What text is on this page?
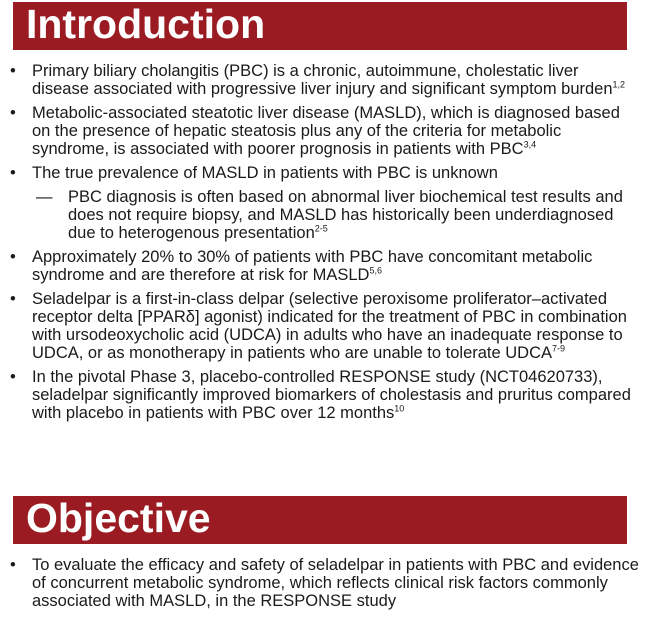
Introduction
• Primary biliary cholangitis (PBC) is a chronic, autoimmune, cholestatic liver disease associated with progressive liver injury and significant symptom burden$^{1,2}$
• Metabolic-associated steatotic liver disease (MASLD), which is diagnosed based on the presence of hepatic steatosis plus any of the criteria for metabolic syndrome, is associated with poorer prognosis in patients with PBC$^{3,4}$
• The true prevalence of MASLD in patients with PBC is unknown
— PBC diagnosis is often based on abnormal liver biochemical test results and does not require biopsy, and MASLD has historically been underdiagnosed due to heterogenous presentation$^{2-5}$
• Approximately 20% to 30% of patients with PBC have concomitant metabolic syndrome and are therefore at risk for MASLD$^{5,6}$
• Seladelpar is a first-in-class delpar (selective peroxisome proliferator–activated receptor delta [PPARδ] agonist) indicated for the treatment of PBC in combination with ursodeoxycholic acid (UDCA) in adults who have an inadequate response to UDCA, or as monotherapy in patients who are unable to tolerate UDCA$^{7-9}$
• In the pivotal Phase 3, placebo-controlled RESPONSE study (NCT04620733), seladelpar significantly improved biomarkers of cholestasis and pruritus compared with placebo in patients with PBC over 12 months$^{10}$
Objective
• To evaluate the efficacy and safety of seladelpar in patients with PBC and evidence of concurrent metabolic syndrome, which reflects clinical risk factors commonly associated with MASLD, in the RESPONSE study
